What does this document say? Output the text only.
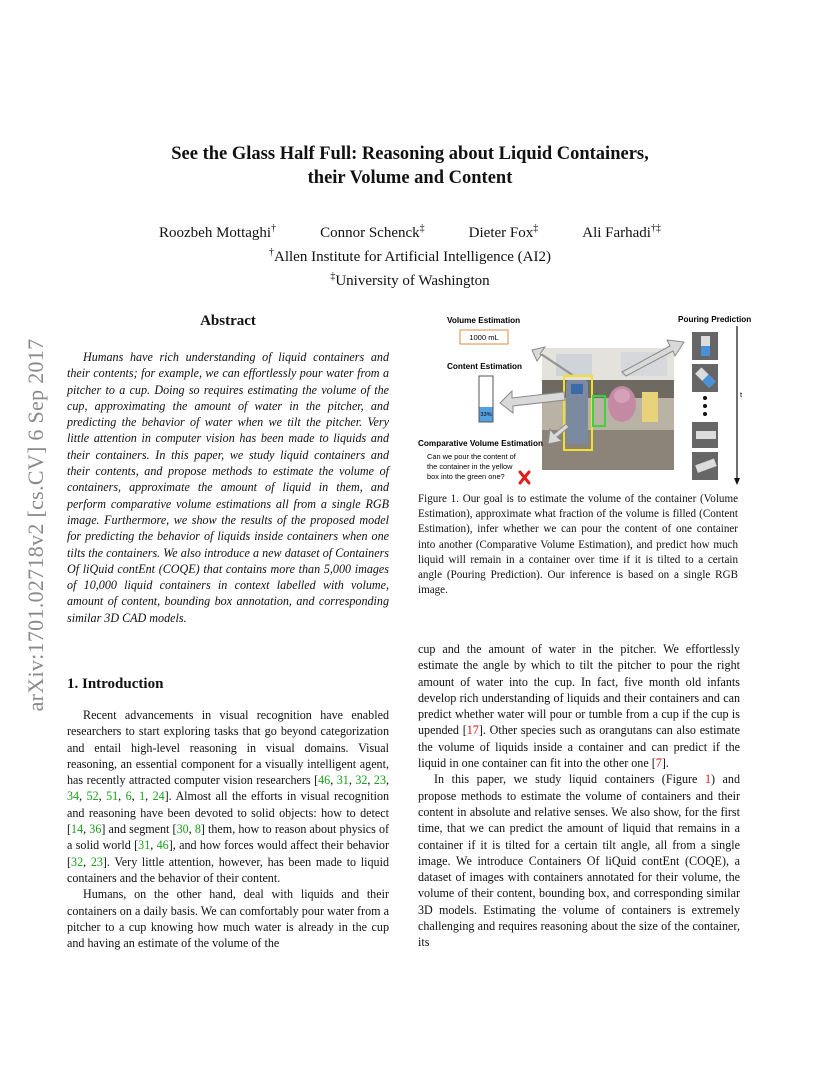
arXiv:1701.02718v2 [cs.CV] 6 Sep 2017
See the Glass Half Full: Reasoning about Liquid Containers,
their Volume and Content
Roozbeh Mottaghi†	Connor Schenck‡	Dieter Fox‡	Ali Farhadi†‡
†Allen Institute for Artificial Intelligence (AI2)
‡University of Washington
Abstract

Humans have rich understanding of liquid containers and their contents; for example, we can effortlessly pour water from a pitcher to a cup. Doing so requires estimating the volume of the cup, approximating the amount of water in the pitcher, and predicting the behavior of water when we tilt the pitcher. Very little attention in computer vision has been made to liquids and their containers. In this paper, we study liquid containers and their contents, and propose methods to estimate the volume of containers, approximate the amount of liquid in them, and perform comparative volume estimations all from a single RGB image. Furthermore, we show the results of the proposed model for predicting the behavior of liquids inside containers when one tilts the containers. We also introduce a new dataset of Containers Of liQuid contEnt (COQE) that contains more than 5,000 images of 10,000 liquid containers in context labelled with volume, amount of content, bounding box annotation, and corresponding similar 3D CAD models.

1. Introduction

Recent advancements in visual recognition have enabled researchers to start exploring tasks that go beyond categorization and entail high-level reasoning in visual domains. Visual reasoning, an essential component for a visually intelligent agent, has recently attracted computer vision researchers [46, 31, 32, 23, 34, 52, 51, 6, 1, 24]. Almost all the efforts in visual recognition and reasoning have been devoted to solid objects: how to detect [14, 36] and segment [30, 8] them, how to reason about physics of a solid world [31, 46], and how forces would affect their behavior [32, 23]. Very little attention, however, has been made to liquid containers and the behavior of their content.

Humans, on the other hand, deal with liquids and their containers on a daily basis. We can comfortably pour water from a pitcher to a cup knowing how much water is already in the cup and having an estimate of the volume of the

cup and the amount of water in the pitcher. We effortlessly estimate the angle by which to tilt the pitcher to pour the right amount of water into the cup. In fact, five month old infants develop rich understanding of liquids and their containers and can predict whether water will pour or tumble from a cup if the cup is upended [17]. Other species such as orangutans can also estimate the volume of liquids inside a container and can predict if the liquid in one container can fit into the other one [7].

In this paper, we study liquid containers (Figure 1) and propose methods to estimate the volume of containers and their content in absolute and relative senses. We also show, for the first time, that we can predict the amount of liquid that remains in a container if it is tilted for a certain tilt angle, all from a single image. We introduce Containers Of liQuid contEnt (COQE), a dataset of images with containers annotated for their volume, the volume of their content, bounding box, and corresponding similar 3D models. Estimating the volume of containers is extremely challenging and requires reasoning about the size of the container, its

Volume Estimation
1000 mL
Content Estimation
33%
Comparative Volume Estimation
Can we pour the content of
the container in the yellow
box into the green one?
Pouring Prediction
t

Figure 1. Our goal is to estimate the volume of the container (Volume Estimation), approximate what fraction of the volume is filled (Content Estimation), infer whether we can pour the content of one container into another (Comparative Volume Estimation), and predict how much liquid will remain in a container over time if it is tilted to a certain angle (Pouring Prediction). Our inference is based on a single RGB image.
